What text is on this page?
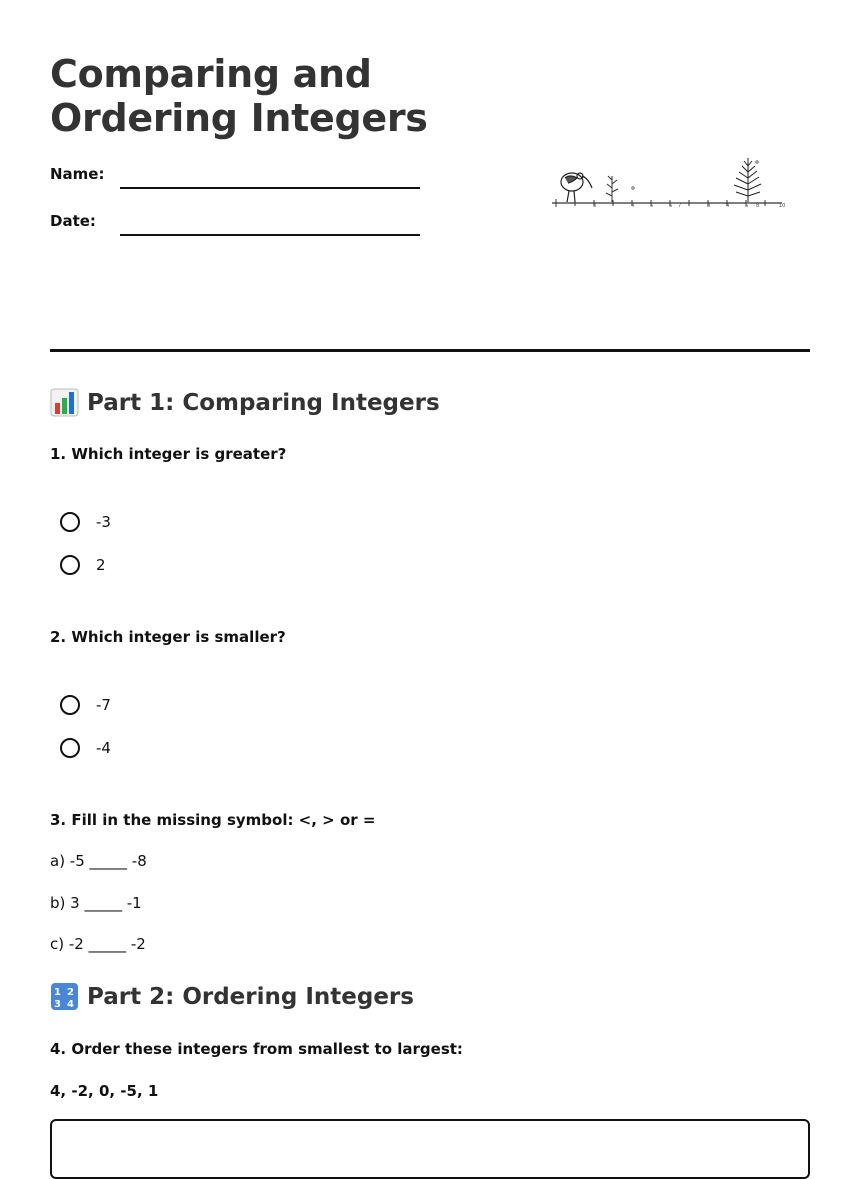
Comparing and
Ordering Integers
Name:
Date:
3	4	5	6 7	8	4	5 8	10
Part 1: Comparing Integers

1. Which integer is greater?

-3
2

2. Which integer is smaller?

-7
-4

3. Fill in the missing symbol: <, > or =

a) -5 _____ -8
b) 3 _____ -1
c) -2 _____ -2
1 2
3 4 Part 2: Ordering Integers

4. Order these integers from smallest to largest:

4, -2, 0, -5, 1
